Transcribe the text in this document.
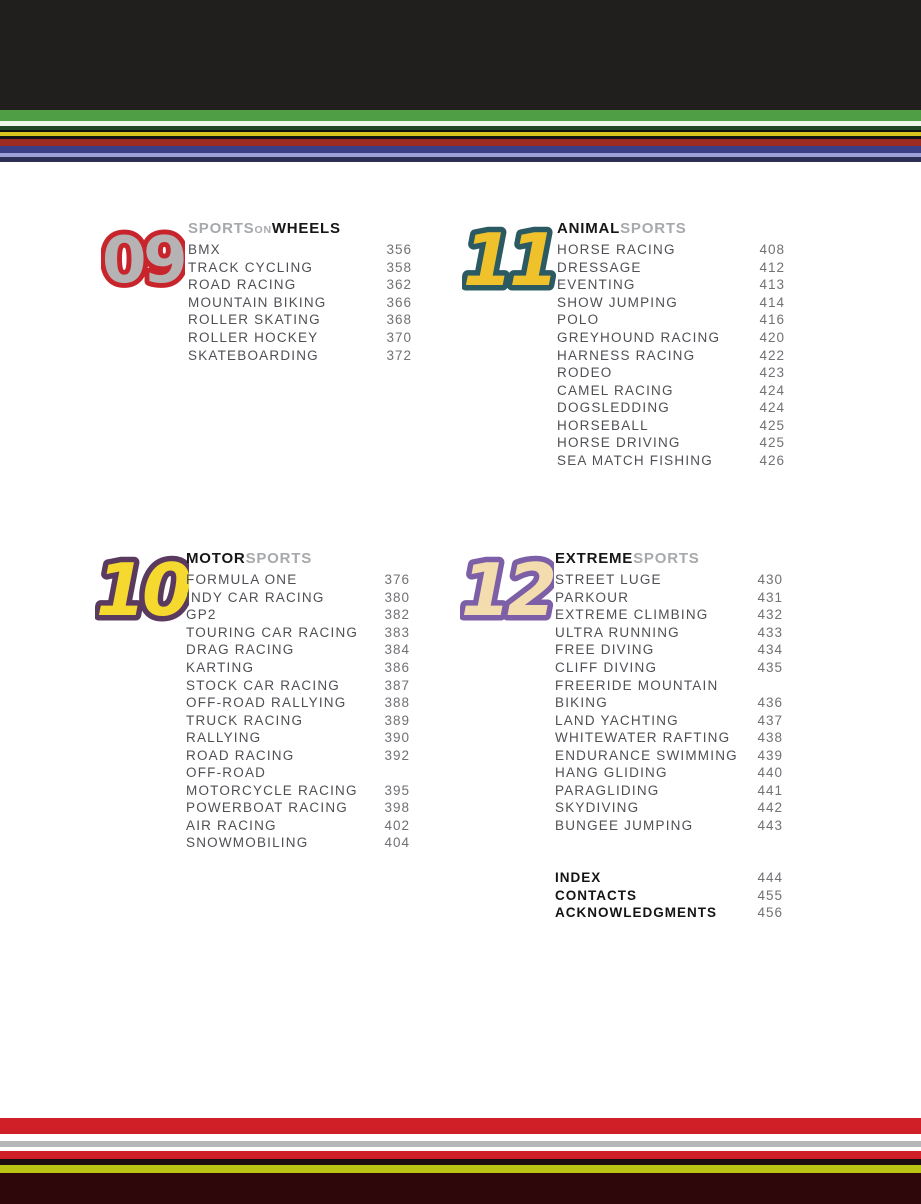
09 SPORTSONWHEELS
BMX	356
TRACK CYCLING	358
ROAD RACING	362
MOUNTAIN BIKING	366
ROLLER SKATING	368
ROLLER HOCKEY	370
SKATEBOARDING	372
11 ANIMALSPORTS
HORSE RACING	408
DRESSAGE	412
EVENTING	413
SHOW JUMPING	414
POLO	416
GREYHOUND RACING	420
HARNESS RACING	422
RODEO	423
CAMEL RACING	424
DOGSLEDDING	424
HORSEBALL	425
HORSE DRIVING	425
SEA MATCH FISHING	426
10
MOTORSPORTS
FORMULA ONE	376
INDY CAR RACING	380
GP2	382
TOURING CAR RACING 383
DRAG RACING	384
KARTING	386
STOCK CAR RACING	387
OFF-ROAD RALLYING	388
TRUCK RACING	389
RALLYING	390
ROAD RACING	392
OFF-ROAD
MOTORCYCLE RACING 395
POWERBOAT RACING	398
AIR RACING	402
SNOWMOBILING	404
12 EXTREMESPORTS
STREET LUGE	430
PARKOUR	431
EXTREME CLIMBING	432
ULTRA RUNNING	433
FREE DIVING	434
CLIFF DIVING	435
FREERIDE MOUNTAIN
BIKING	436
LAND YACHTING	437
WHITEWATER RAFTING 438
ENDURANCE SWIMMING 439
HANG GLIDING	440
PARAGLIDING	441
SKYDIVING	442
BUNGEE JUMPING	443
INDEX	444
CONTACTS	455
ACKNOWLEDGMENTS	456
